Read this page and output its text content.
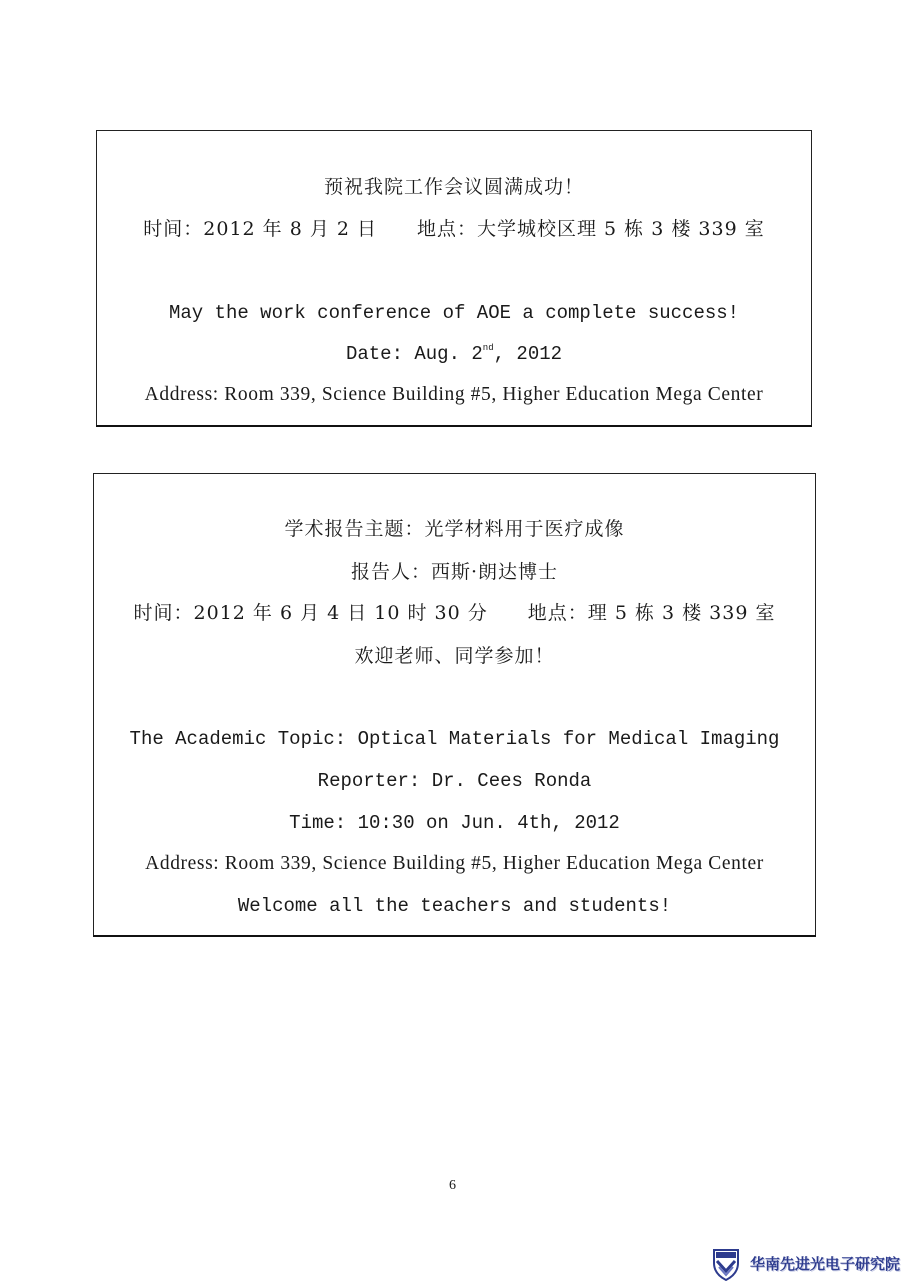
预祝我院工作会议圆满成功！
时间：2012 年 8 月 2 日 地点：大学城校区理 5 栋 3 楼 339 室
May the work conference of AOE a complete success!
Date: Aug. 2nd, 2012
Address: Room 339, Science Building #5, Higher Education Mega Center
学术报告主题：光学材料用于医疗成像
报告人：西斯·朗达博士
时间：2012 年 6 月 4 日 10 时 30 分 地点：理 5 栋 3 楼 339 室
欢迎老师、同学参加！
The Academic Topic: Optical Materials for Medical Imaging
Reporter: Dr. Cees Ronda
Time: 10:30 on Jun. 4th, 2012
Address: Room 339, Science Building #5, Higher Education Mega Center
Welcome all the teachers and students!
6
华南先进光电子研究院
